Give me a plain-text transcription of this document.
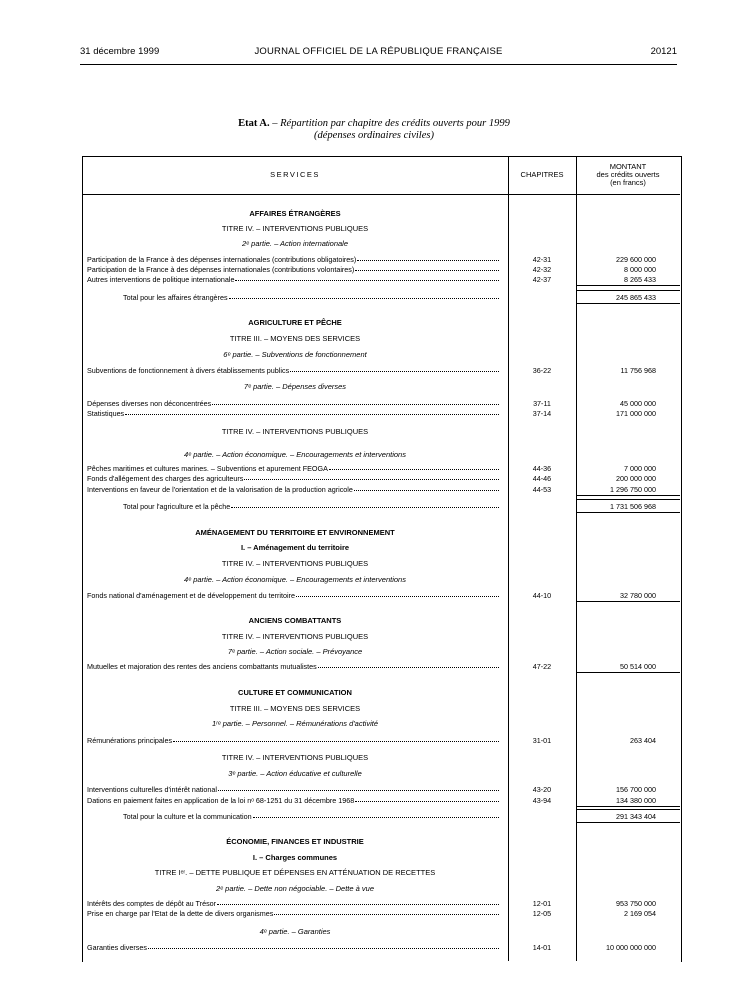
31 décembre 1999	JOURNAL OFFICIEL DE LA RÉPUBLIQUE FRANÇAISE	20121
Etat A. – Répartition par chapitre des crédits ouverts pour 1999
(dépenses ordinaires civiles)
SERVICES	CHAPITRES
MONTANT
des crédits ouverts
(en francs)
AFFAIRES ÉTRANGÈRES
TITRE IV. – INTERVENTIONS PUBLIQUES
2ᵉ partie. – Action internationale
Participation de la France à des dépenses internationales (contributions obligatoires)	42-31	229 600 000
Participation de la France à des dépenses internationales (contributions volontaires)	42-32	8 000 000
Autres interventions de politique internationale	42-37	8 265 433
Total pour les affaires étrangères	245 865 433
AGRICULTURE ET PÊCHE
TITRE III. – MOYENS DES SERVICES
6ᵉ partie. – Subventions de fonctionnement
Subventions de fonctionnement à divers établissements publics	36-22	11 756 968
7ᵉ partie. – Dépenses diverses
Dépenses diverses non déconcentrées	37-11	45 000 000
Statistiques	37-14	171 000 000
TITRE IV. – INTERVENTIONS PUBLIQUES
4ᵉ partie. – Action économique. – Encouragements et interventions
Pêches maritimes et cultures marines. – Subventions et apurement FEOGA	44-36	7 000 000
Fonds d'allégement des charges des agriculteurs	44-46	200 000 000
Interventions en faveur de l'orientation et de la valorisation de la production agricole	44-53	1 296 750 000
Total pour l'agriculture et la pêche	1 731 506 968
AMÉNAGEMENT DU TERRITOIRE ET ENVIRONNEMENT
I. – Aménagement du territoire
TITRE IV. – INTERVENTIONS PUBLIQUES
4ᵉ partie. – Action économique. – Encouragements et interventions
Fonds national d'aménagement et de développement du territoire	44-10	32 780 000
ANCIENS COMBATTANTS
TITRE IV. – INTERVENTIONS PUBLIQUES
7ᵉ partie. – Action sociale. – Prévoyance
Mutuelles et majoration des rentes des anciens combattants mutualistes	47-22	50 514 000
CULTURE ET COMMUNICATION
TITRE III. – MOYENS DES SERVICES
1ʳᵉ partie. – Personnel. – Rémunérations d'activité
Rémunérations principales	31-01	263 404
TITRE IV. – INTERVENTIONS PUBLIQUES
3ᵉ partie. – Action éducative et culturelle
Interventions culturelles d'intérêt national	43-20	156 700 000
Dations en paiement faites en application de la loi nᵒ 68-1251 du 31 décembre 1968	43-94	134 380 000
Total pour la culture et la communication	291 343 404
ÉCONOMIE, FINANCES ET INDUSTRIE
I. – Charges communes
TITRE Iᵉʳ. – DETTE PUBLIQUE ET DÉPENSES EN ATTÉNUATION DE RECETTES
2ᵉ partie. – Dette non négociable. – Dette à vue
Intérêts des comptes de dépôt au Trésor	12-01	953 750 000
Prise en charge par l'Etat de la dette de divers organismes	12-05	2 169 054
4ᵉ partie. – Garanties
Garanties diverses	14-01	10 000 000 000
